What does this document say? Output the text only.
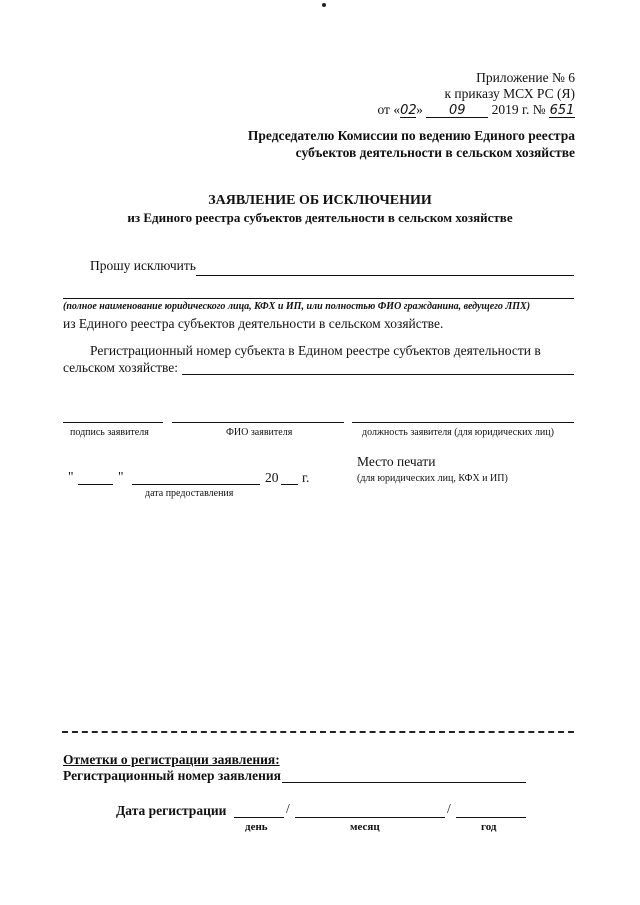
Приложение № 6
к приказу МСХ РС (Я)
от «02» 09 2019 г. № 651
Председателю Комиссии по ведению Единого реестра
субъектов деятельности в сельском хозяйстве
ЗАЯВЛЕНИЕ ОБ ИСКЛЮЧЕНИИ
из Единого реестра субъектов деятельности в сельском хозяйстве
Прошу исключить
(полное наименование юридического лица, КФХ и ИП, или полностью ФИО гражданина, ведущего ЛПХ)
из Единого реестра субъектов деятельности в сельском хозяйстве.
Регистрационный номер субъекта в Едином реестре субъектов деятельности в
сельском хозяйстве:
подпись заявителя	ФИО заявителя	должность заявителя (для юридических лиц)
"	"	20 г.
дата предоставления
Место печати
(для юридических лиц, КФХ и ИП)
Отметки о регистрации заявления:
Регистрационный номер заявления
Дата регистрации	/	/
день	месяц	год
